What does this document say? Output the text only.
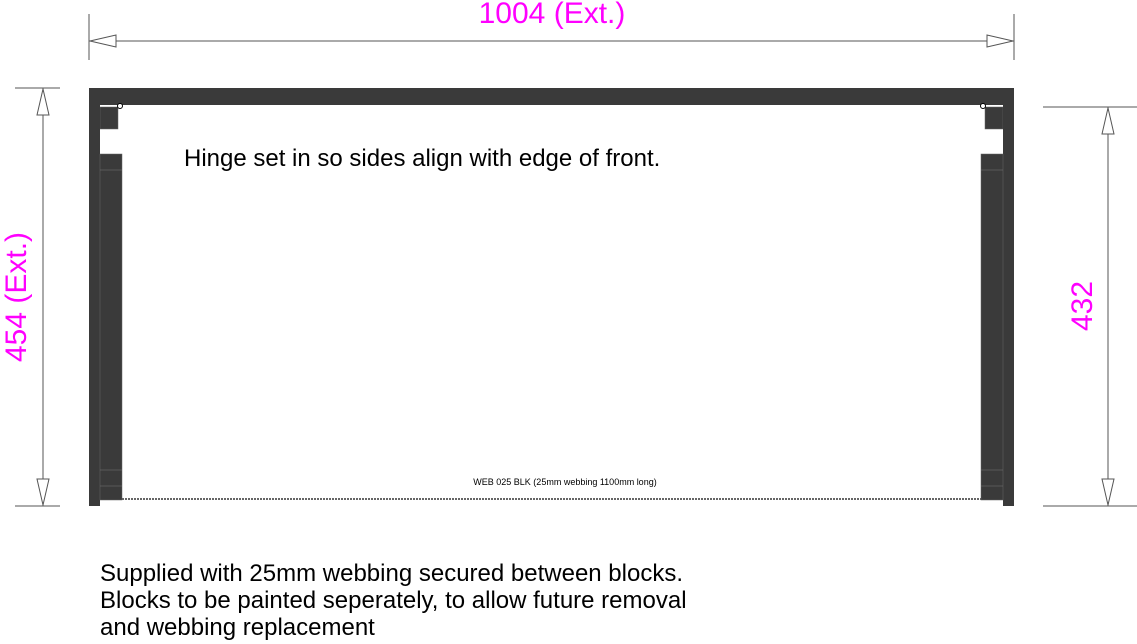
1004 (Ext.)
454 (Ext.)	432
WEB 025 BLK (25mm webbing 1100mm long)
Hinge set in so sides align with edge of front.
Supplied with 25mm webbing secured between blocks.
Blocks to be painted seperately, to allow future removal
and webbing replacement
